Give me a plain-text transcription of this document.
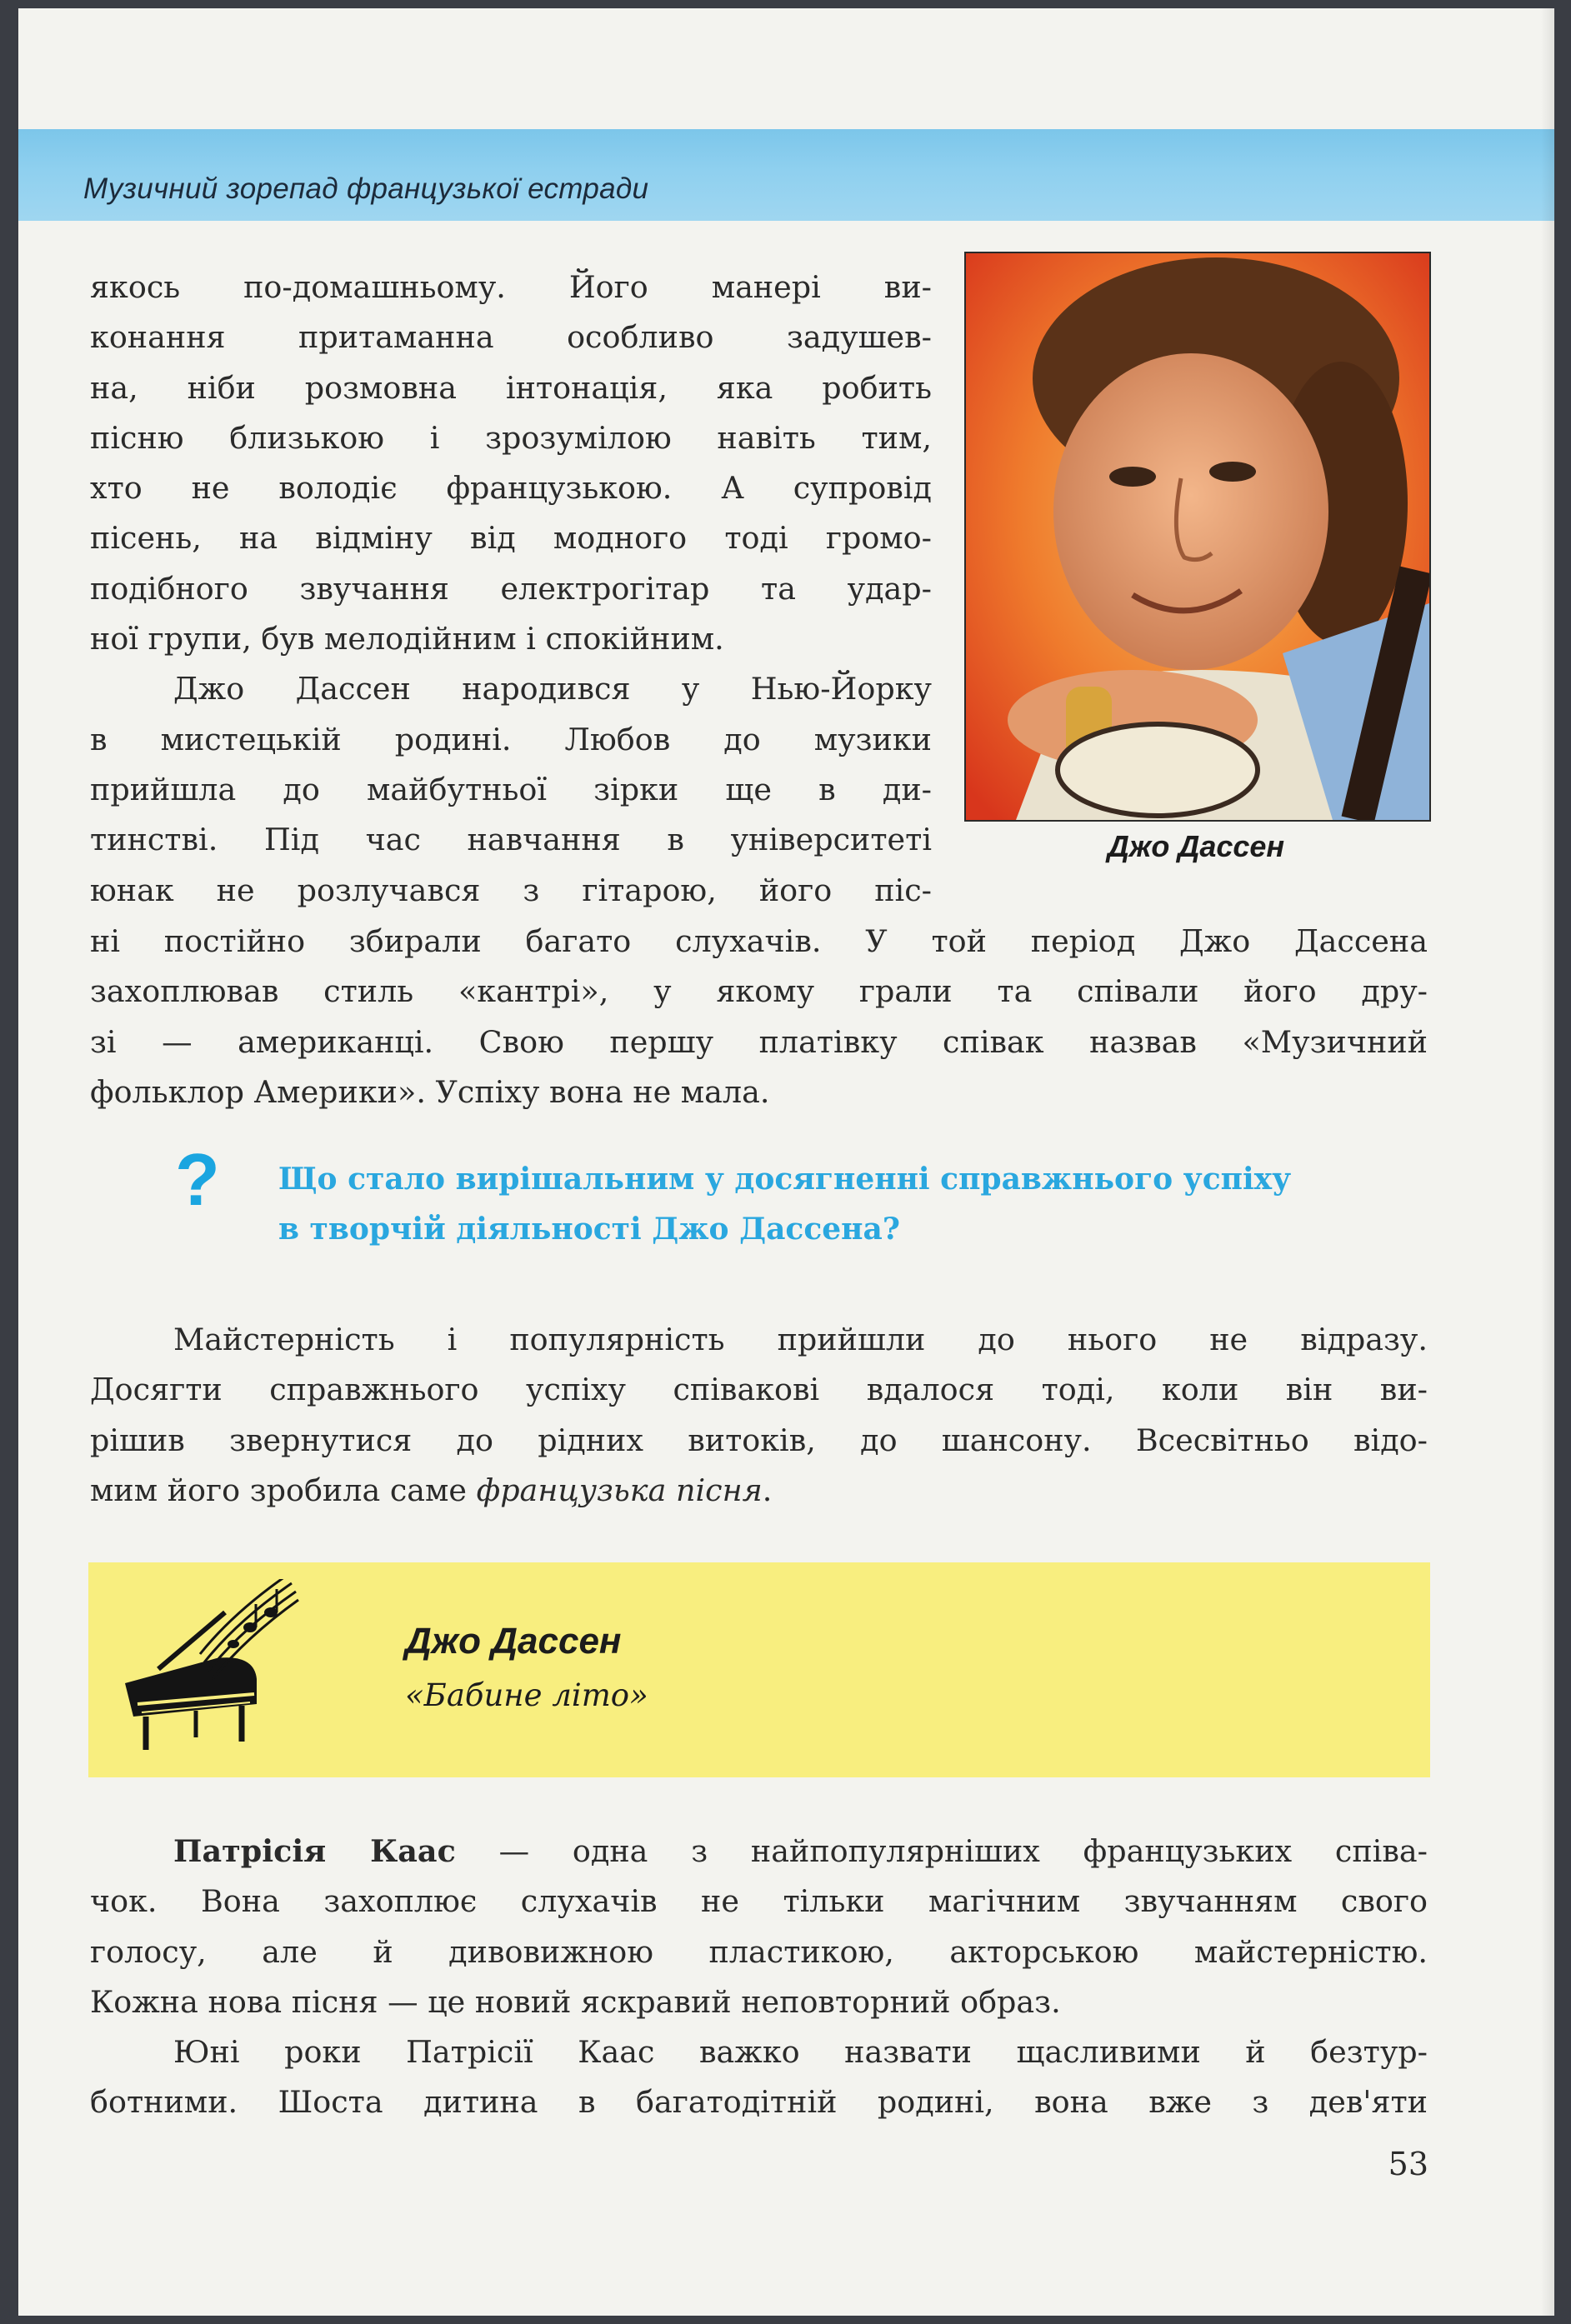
Музичний зорепад французької естради

якось по-домашньому. Його манері ви-

конання притаманна особливо задушев-

на, ніби розмовна інтонація, яка робить

пісню близькою і зрозумілою навіть тим,

хто не володіє французькою. А супровід

пісень, на відміну від модного тоді громо-

подібного звучання електрогітар та удар-

ної групи, був мелодійним і спокійним.

Джо Дассен народився у Нью-Йорку

в мистецькій родині. Любов до музики

прийшла до майбутньої зірки ще в ди-

тинстві. Під час навчання в університеті

юнак не розлучався з гітарою, його піс-

ні постійно збирали багато слухачів. У той період Джо Дассена

захоплював стиль «кантрі», у якому грали та співали його дру-

зі — американці. Свою першу платівку співак назвав «Музичний

фольклор Америки». Успіху вона не мала.

Джо Дассен
? Що стало вирішальним у досягненні справжнього успіху
в творчій діяльності Джо Дассена?

Майстерність і популярність прийшли до нього не відразу.

Досягти справжнього успіху співакові вдалося тоді, коли він ви-

рішив звернутися до рідних витоків, до шансону. Всесвітньо відо-

мим його зробила саме французька пісня.

Джо Дассен
«Бабине літо»

Патрісія Каас — одна з найпопулярніших французьких співа-

чок. Вона захоплює слухачів не тільки магічним звучанням свого

голосу, але й дивовижною пластикою, акторською майстерністю.

Кожна нова пісня — це новий яскравий неповторний образ.

Юні роки Патрісії Каас важко назвати щасливими й безтур-

ботними. Шоста дитина в багатодітній родині, вона вже з дев'яти

53
